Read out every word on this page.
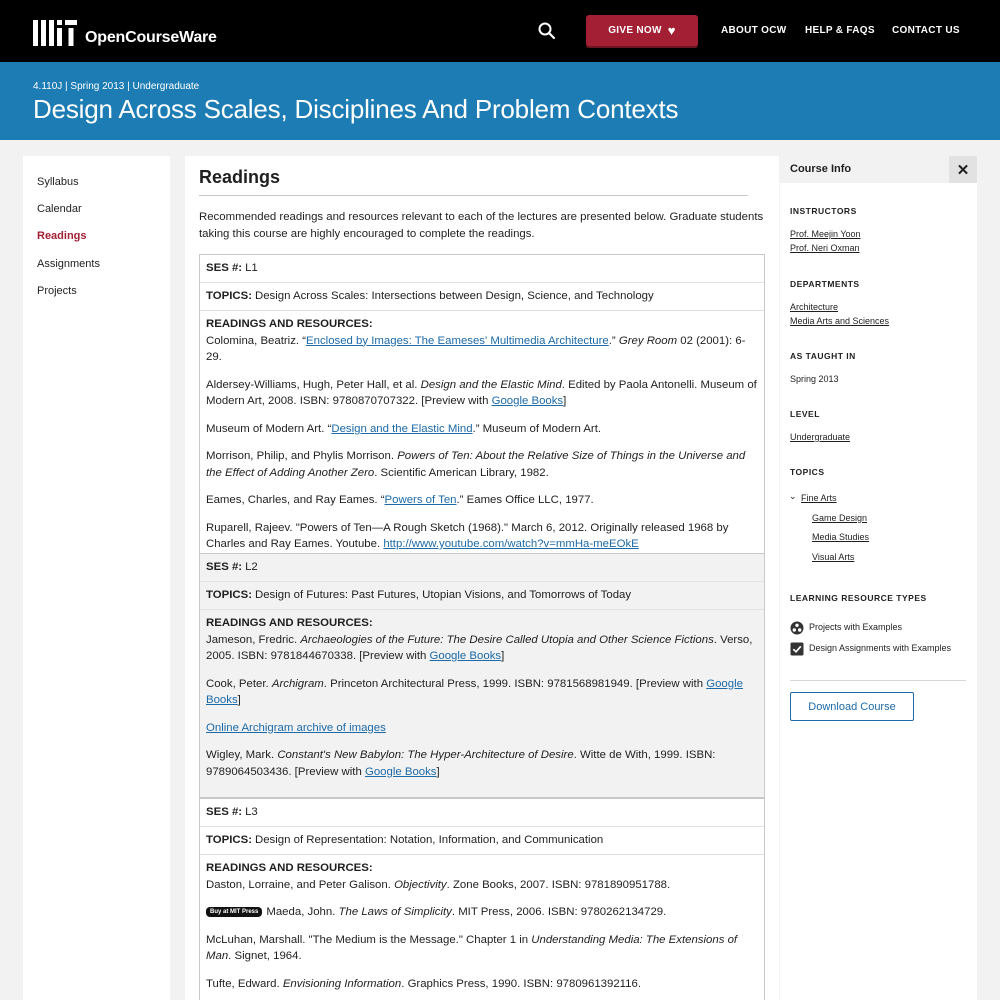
OpenCourseWare	GIVE NOW ♥	ABOUT OCW HELP & FAQS CONTACT US
4.110J | Spring 2013 | Undergraduate
Design Across Scales, Disciplines And Problem Contexts
Syllabus
Calendar
Readings
Assignments
Projects
Readings

Recommended readings and resources relevant to each of the lectures are presented below. Graduate students taking this course are highly encouraged to complete the readings.

SES #: L1
TOPICS: Design Across Scales: Intersections between Design, Science, and Technology
READINGS AND RESOURCES:
Colomina, Beatriz. “Enclosed by Images: The Eameses' Multimedia Architecture.” Grey Room 02 (2001): 6-29.
Aldersey-Williams, Hugh, Peter Hall, et al. Design and the Elastic Mind. Edited by Paola Antonelli. Museum of Modern Art, 2008. ISBN: 9780870707322. [Preview with Google Books]
Museum of Modern Art. “Design and the Elastic Mind.” Museum of Modern Art.
Morrison, Philip, and Phylis Morrison. Powers of Ten: About the Relative Size of Things in the Universe and the Effect of Adding Another Zero. Scientific American Library, 1982.
Eames, Charles, and Ray Eames. “Powers of Ten.” Eames Office LLC, 1977.
Ruparell, Rajeev. "Powers of Ten—A Rough Sketch (1968)." March 6, 2012. Originally released 1968 by Charles and Ray Eames. Youtube. http://www.youtube.com/watch?v=mmHa-meEOkE
SES #: L2
TOPICS: Design of Futures: Past Futures, Utopian Visions, and Tomorrows of Today
READINGS AND RESOURCES:
Jameson, Fredric. Archaeologies of the Future: The Desire Called Utopia and Other Science Fictions. Verso, 2005. ISBN: 9781844670338. [Preview with Google Books]
Cook, Peter. Archigram. Princeton Architectural Press, 1999. ISBN: 9781568981949. [Preview with Google Books]
Online Archigram archive of images
Wigley, Mark. Constant's New Babylon: The Hyper-Architecture of Desire. Witte de With, 1999. ISBN: 9789064503436. [Preview with Google Books]
SES #: L3
TOPICS: Design of Representation: Notation, Information, and Communication
READINGS AND RESOURCES:
Daston, Lorraine, and Peter Galison. Objectivity. Zone Books, 2007. ISBN: 9781890951788.
Buy at MIT Press Maeda, John. The Laws of Simplicity. MIT Press, 2006. ISBN: 9780262134729.
McLuhan, Marshall. "The Medium is the Message." Chapter 1 in Understanding Media: The Extensions of Man. Signet, 1964.
Tufte, Edward. Envisioning Information. Graphics Press, 1990. ISBN: 9780961392116.
Course Info	✕
INSTRUCTORS
Prof. Meejin Yoon
Prof. Neri Oxman
DEPARTMENTS
Architecture
Media Arts and Sciences
AS TAUGHT IN
Spring 2013
LEVEL
Undergraduate
TOPICS
⌄ Fine Arts
Game Design
Media Studies
Visual Arts
LEARNING RESOURCE TYPES
Projects with Examples
Design Assignments with Examples
Download Course
